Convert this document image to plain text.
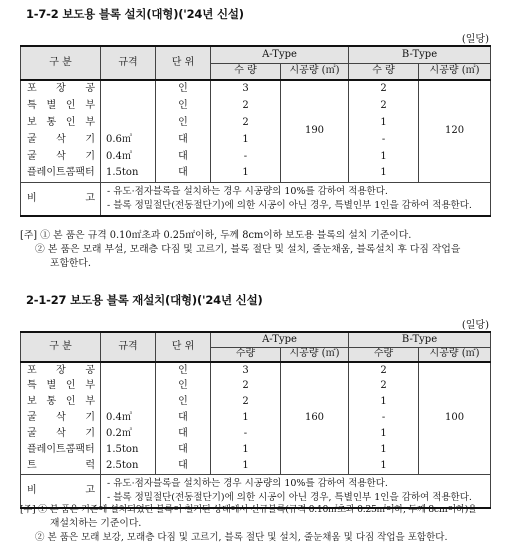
1-7-2 보도용 블록 설치(대형)('24년 신설)
(일당)
구 분	규격	단 위	A-Type		B-Type	
			수 량	시공량 (㎡)	수 량	시공량 (㎡)
포 장 공		인	3	190	2	120
특 별 인 부		인	2		2	
보 통 인 부		인	2		1	
굴 삭 기	0.6㎥	대	1		-	
굴 삭 기	0.4㎥	대	-		1	
플레이트콤팩터	1.5ton	대	1		1	
비 고	- 유도·점자블록을 설치하는 경우 시공량의 10%를 감하여 적용한다.
- 블록 정밀절단(전동절단기)에 의한 시공이 아닌 경우, 특별인부 1인을 감하여 적용한다.					
[주] ① 본 품은 규격 0.10㎡초과 0.25㎡이하, 두께 8cm이하 보도용 블록의 설치 기준이다.
② 본 품은 모래 부설, 모래층 다짐 및 고르기, 블록 절단 및 설치, 줄눈채움, 블록설치 후 다짐 작업을
포함한다.
2-1-27 보도용 블록 재설치(대형)('24년 신설)
(일당)
구 분	규격	단 위	A-Type		B-Type	
			수량	시공량 (㎡)	수량	시공량 (㎡)
포 장 공		인	3	160	2	100
특 별 인 부		인	2		2	
보 통 인 부		인	2		1	
굴 삭 기	0.4㎥	대	1		-	
굴 삭 기	0.2㎥	대	-		1	
플레이트콤팩터	1.5ton	대	1		1	
트 럭	2.5ton	대	1		1	
비 고	- 유도·점자블록을 설치하는 경우 시공량의 10%를 감하여 적용한다.
- 블록 정밀절단(전동절단기)에 의한 시공이 아닌 경우, 특별인부 1인을 감하여 적용한다.					
[주] ① 본 품은 기존에 설치되었던 블록이 철거된 상태에서 신규블록(규격 0.10㎡초과 0.25㎡이하, 두께 8cm이하)을
재설치하는 기준이다.
② 본 품은 모래 보강, 모래층 다짐 및 고르기, 블록 절단 및 설치, 줄눈채움 및 다짐 작업을 포함한다.
